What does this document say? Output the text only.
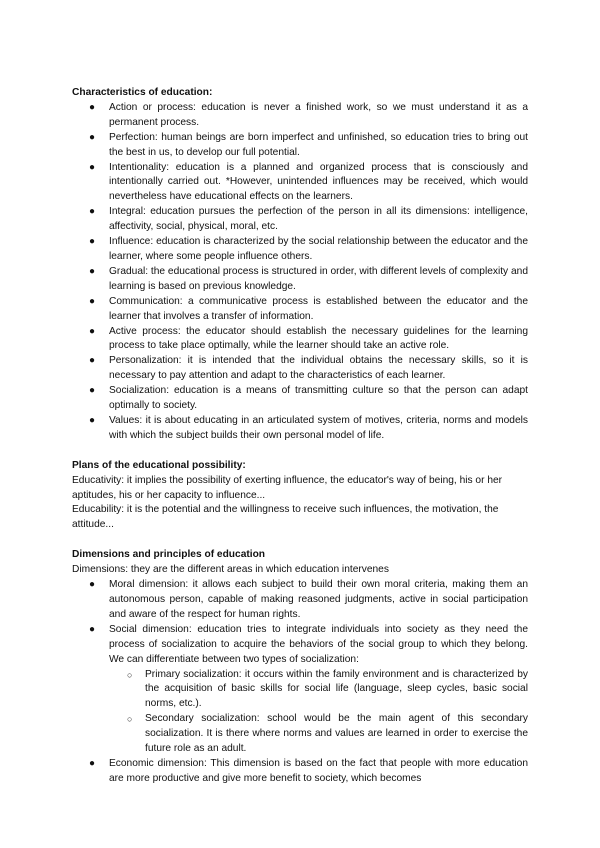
Characteristics of education:
● Action or process: education is never a finished work, so we must understand it as a permanent process.
● Perfection: human beings are born imperfect and unfinished, so education tries to bring out the best in us, to develop our full potential.
● Intentionality: education is a planned and organized process that is consciously and intentionally carried out. *However, unintended influences may be received, which would nevertheless have educational effects on the learners.
● Integral: education pursues the perfection of the person in all its dimensions: intelligence, affectivity, social, physical, moral, etc.
● Influence: education is characterized by the social relationship between the educator and the learner, where some people influence others.
● Gradual: the educational process is structured in order, with different levels of complexity and learning is based on previous knowledge.
● Communication: a communicative process is established between the educator and the learner that involves a transfer of information.
● Active process: the educator should establish the necessary guidelines for the learning process to take place optimally, while the learner should take an active role.
● Personalization: it is intended that the individual obtains the necessary skills, so it is necessary to pay attention and adapt to the characteristics of each learner.
● Socialization: education is a means of transmitting culture so that the person can adapt optimally to society.
● Values: it is about educating in an articulated system of motives, criteria, norms and models with which the subject builds their own personal model of life.
Plans of the educational possibility:

Educativity: it implies the possibility of exerting influence, the educator's way of being, his or her aptitudes, his or her capacity to influence...

Educability: it is the potential and the willingness to receive such influences, the motivation, the attitude...

Dimensions and principles of education

Dimensions: they are the different areas in which education intervenes

● Moral dimension: it allows each subject to build their own moral criteria, making them an autonomous person, capable of making reasoned judgments, active in social participation and aware of the respect for human rights.
● Social dimension: education tries to integrate individuals into society as they need the process of socialization to acquire the behaviors of the social group to which they belong. We can differentiate between two types of socialization:
○ Primary socialization: it occurs within the family environment and is characterized by the acquisition of basic skills for social life (language, sleep cycles, basic social norms, etc.).
○ Secondary socialization: school would be the main agent of this secondary socialization. It is there where norms and values are learned in order to exercise the future role as an adult.
● Economic dimension: This dimension is based on the fact that people with more education are more productive and give more benefit to society, which becomes
